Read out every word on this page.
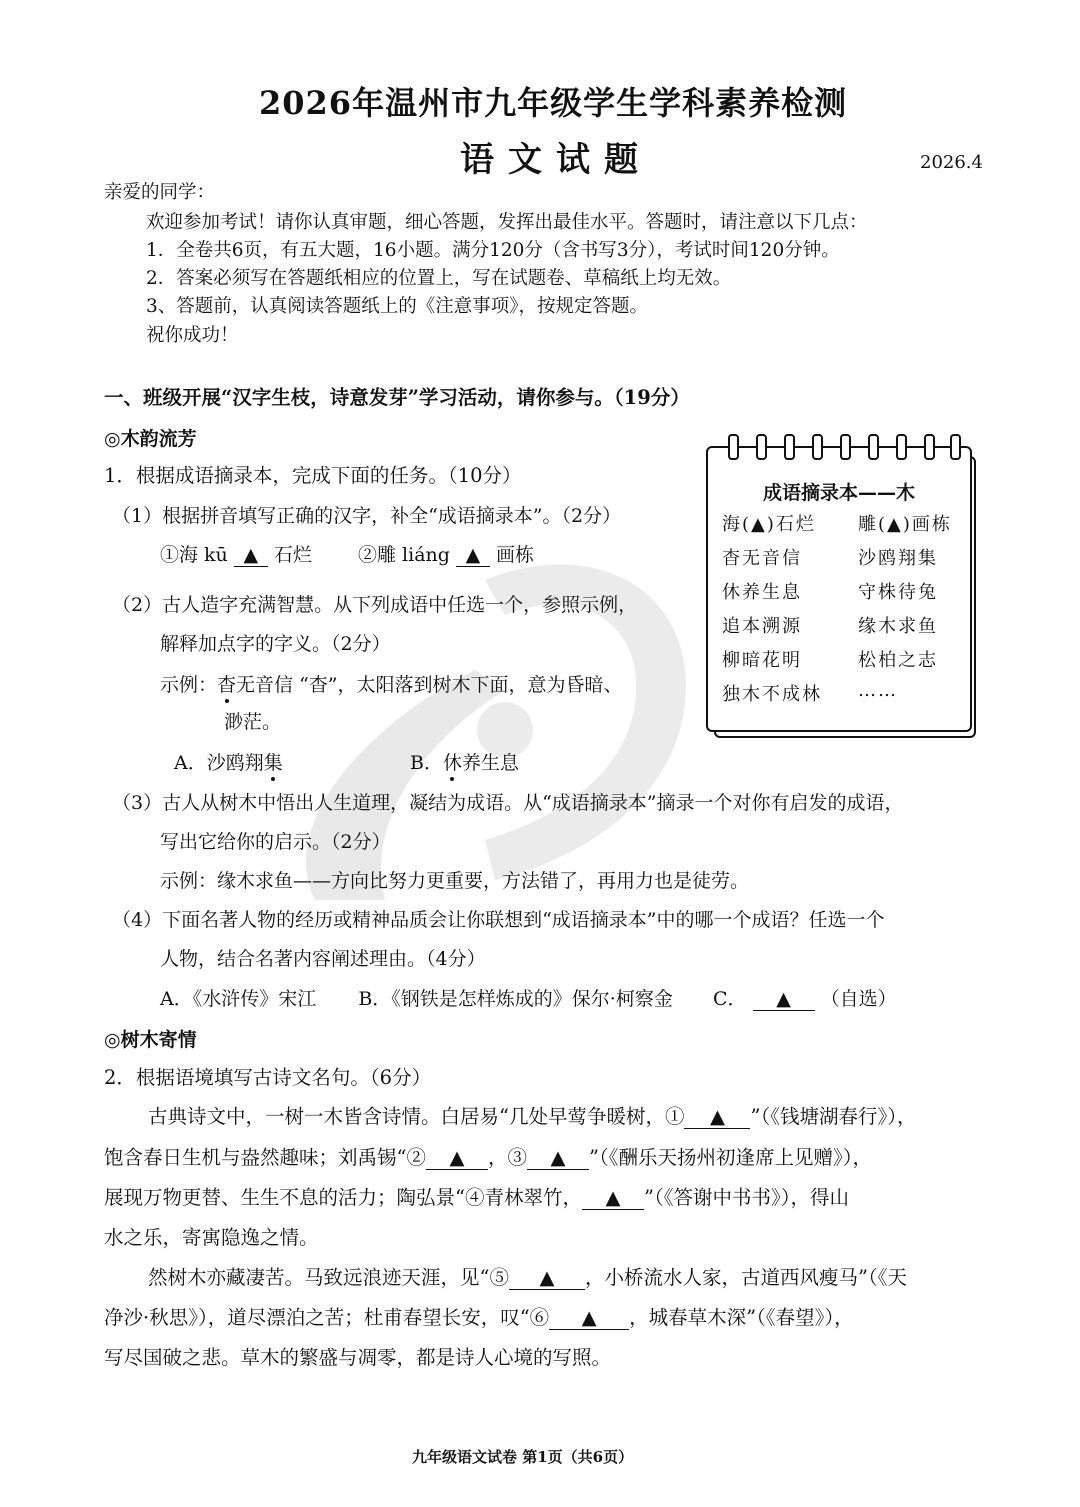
2026年温州市九年级学生学科素养检测
语文试题	2026.4
亲爱的同学：
欢迎参加考试！请你认真审题，细心答题，发挥出最佳水平。答题时，请注意以下几点：
1．全卷共6页，有五大题，16小题。满分120分（含书写3分），考试时间120分钟。
2．答案必须写在答题纸相应的位置上，写在试题卷、草稿纸上均无效。
3、答题前，认真阅读答题纸上的《注意事项》，按规定答题。
祝你成功！
一、班级开展“汉字生枝，诗意发芽”学习活动，请你参与。（19分）
◎木韵流芳
1．根据成语摘录本，完成下面的任务。（10分）
（1）根据拼音填写正确的汉字，补全“成语摘录本”。（2分）
①海 kū ▲ 石烂 ②雕 liáng ▲ 画栋
（2）古人造字充满智慧。从下列成语中任选一个，参照示例，
解释加点字的字义。（2分）
示例：杳无音信 “杳”，太阳落到树木下面，意为昏暗、
渺茫。
A．沙鸥翔集	B．休养生息
（3）古人从树木中悟出人生道理，凝结为成语。从“成语摘录本”摘录一个对你有启发的成语，
写出它给你的启示。（2分）
示例：缘木求鱼——方向比努力更重要，方法错了，再用力也是徒劳。
（4）下面名著人物的经历或精神品质会让你联想到“成语摘录本”中的哪一个成语？任选一个
人物，结合名著内容阐述理由。（4分）
A．《水浒传》宋江 B．《钢铁是怎样炼成的》保尔·柯察金 C． ▲ （自选）
成语摘录本——木
海(▲)石烂 雕(▲)画栋
杳无音信	沙鸥翔集
休养生息	守株待兔
追本溯源	缘木求鱼
柳暗花明	松柏之志
独木不成林 ……
◎树木寄情
2．根据语境填写古诗文名句。（6分）
古典诗文中，一树一木皆含诗情。白居易“几处早莺争暖树，① ▲ ”（《钱塘湖春行》），
饱含春日生机与盎然趣味；刘禹锡“② ▲ ，③ ▲ ”（《酬乐天扬州初逢席上见赠》），
展现万物更替、生生不息的活力；陶弘景“④青林翠竹， ▲ ”（《答谢中书书》），得山
水之乐，寄寓隐逸之情。
然树木亦藏凄苦。马致远浪迹天涯，见“⑤ ▲ ，小桥流水人家，古道西风瘦马”（《天
净沙·秋思》），道尽漂泊之苦；杜甫春望长安，叹“⑥ ▲ ，城春草木深”（《春望》），
写尽国破之悲。草木的繁盛与凋零，都是诗人心境的写照。
九年级语文试卷 第1页（共6页）
